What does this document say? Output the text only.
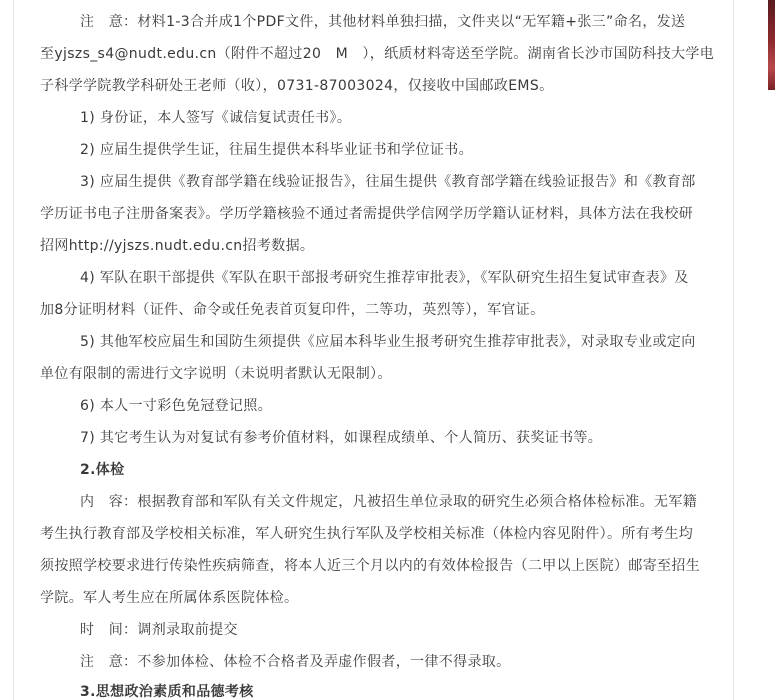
注　意：材料1-3合并成1个PDF文件，其他材料单独扫描，文件夹以“无军籍+张三”命名，发送
至yjszs_s4@nudt.edu.cn（附件不超过20　M　），纸质材料寄送至学院。湖南省长沙市国防科技大学电
子科学学院教学科研处王老师（收），0731-87003024，仅接收中国邮政EMS。
1) 身份证，本人签写《诚信复试责任书》。
2) 应届生提供学生证，往届生提供本科毕业证书和学位证书。
3) 应届生提供《教育部学籍在线验证报告》，往届生提供《教育部学籍在线验证报告》和《教育部
学历证书电子注册备案表》。学历学籍核验不通过者需提供学信网学历学籍认证材料，具体方法在我校研
招网http://yjszs.nudt.edu.cn招考数据。
4) 军队在职干部提供《军队在职干部报考研究生推荐审批表》，《军队研究生招生复试审查表》及
加8分证明材料（证件、命令或任免表首页复印件，二等功，英烈等），军官证。
5) 其他军校应届生和国防生须提供《应届本科毕业生报考研究生推荐审批表》，对录取专业或定向
单位有限制的需进行文字说明（未说明者默认无限制）。
6) 本人一寸彩色免冠登记照。
7) 其它考生认为对复试有参考价值材料，如课程成绩单、个人简历、获奖证书等。
2.体检
内　容：根据教育部和军队有关文件规定，凡被招生单位录取的研究生必须合格体检标准。无军籍
考生执行教育部及学校相关标准，军人研究生执行军队及学校相关标准（体检内容见附件）。所有考生均
须按照学校要求进行传染性疾病筛查，将本人近三个月以内的有效体检报告（二甲以上医院）邮寄至招生
学院。军人考生应在所属体系医院体检。
时　间：调剂录取前提交
注　意：不参加体检、体检不合格者及弄虚作假者，一律不得录取。
3.思想政治素质和品德考核
